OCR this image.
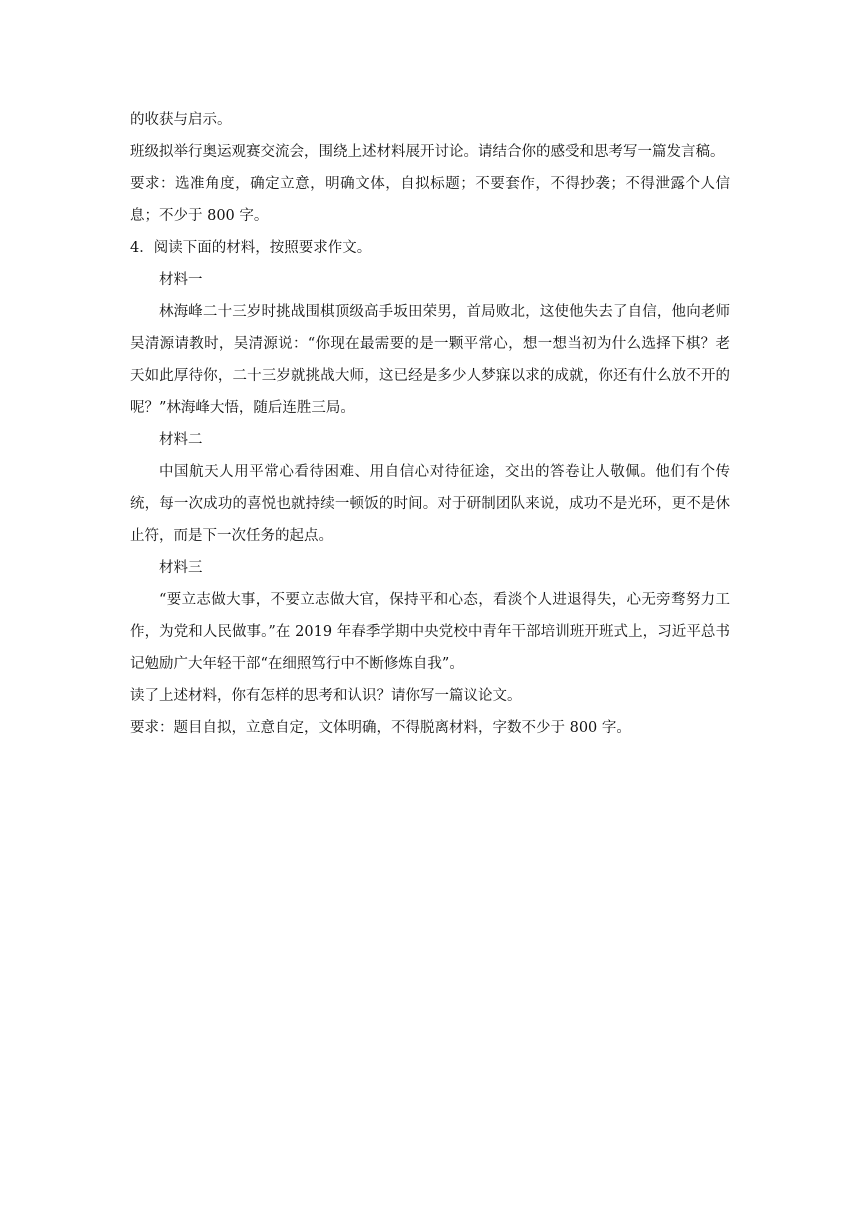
的收获与启示。

班级拟举行奥运观赛交流会，围绕上述材料展开讨论。请结合你的感受和思考写一篇发言稿。

要求：选准角度，确定立意，明确文体，自拟标题；不要套作，不得抄袭；不得泄露个人信息；不少于 800 字。

4．阅读下面的材料，按照要求作文。

材料一

林海峰二十三岁时挑战围棋顶级高手坂田荣男，首局败北，这使他失去了自信，他向老师吴清源请教时，吴清源说：“你现在最需要的是一颗平常心，想一想当初为什么选择下棋？老天如此厚待你，二十三岁就挑战大师，这已经是多少人梦寐以求的成就，你还有什么放不开的呢？”林海峰大悟，随后连胜三局。

材料二

中国航天人用平常心看待困难、用自信心对待征途，交出的答卷让人敬佩。他们有个传统，每一次成功的喜悦也就持续一顿饭的时间。对于研制团队来说，成功不是光环，更不是休止符，而是下一次任务的起点。

材料三

“要立志做大事，不要立志做大官，保持平和心态，看淡个人进退得失，心无旁骛努力工作，为党和人民做事。”在 2019 年春季学期中央党校中青年干部培训班开班式上，习近平总书记勉励广大年轻干部“在细照笃行中不断修炼自我”。

读了上述材料，你有怎样的思考和认识？请你写一篇议论文。

要求：题目自拟，立意自定，文体明确，不得脱离材料，字数不少于 800 字。
